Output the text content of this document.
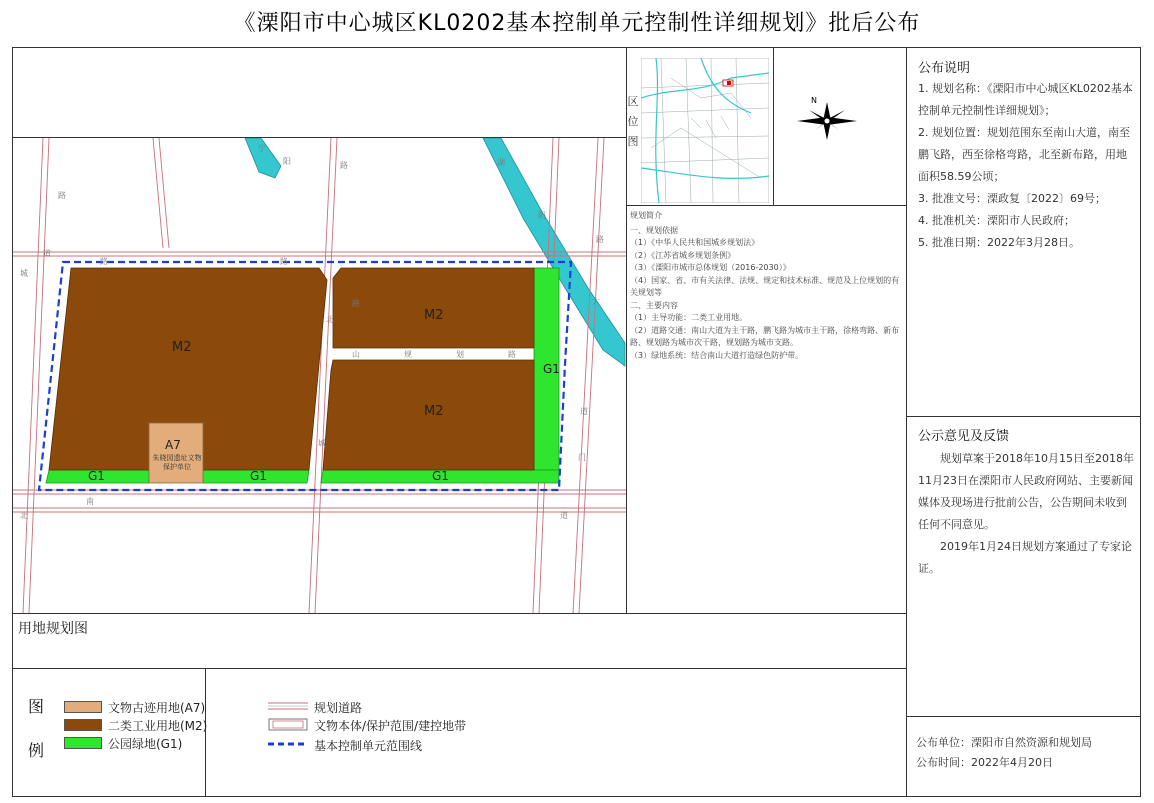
《溧阳市中心城区KL0202基本控制单元控制性详细规划》批后公布
M2
M2
M2
A7
朱晓园遗址文物保护单位
G1	G1	G1
G1
宁
阳	湖
阳
路
路
道
路	路
大
道
城
北	道
南
北
城
山	规	划	路
路
门
路
用地规划图
区
位
图
N
规划简介
一、规划依据
（1）《中华人民共和国城乡规划法》
（2）《江苏省城乡规划条例》
（3）《溧阳市城市总体规划（2016-2030）》
（4）国家、省、市有关法律、法规、规定和技术标准、规范及上位规划的有关规划等
二、主要内容
（1）主导功能：二类工业用地。
（2）道路交通：南山大道为主干路，鹏飞路为城市主干路，徐格弯路、新布路、规划路为城市次干路，规划路为城市支路。
（3）绿地系统：结合南山大道打造绿色防护带。
公布说明
1. 规划名称：《溧阳市中心城区KL0202基本控制单元控制性详细规划》；
2. 规划位置：规划范围东至南山大道，南至鹏飞路，西至徐格弯路，北至新布路，用地面积58.59公顷；
3. 批准文号：溧政复〔2022〕69号；
4. 批准机关：溧阳市人民政府；
5. 批准日期：2022年3月28日。
公示意见及反馈
规划草案于2018年10月15日至2018年11月23日在溧阳市人民政府网站、主要新闻媒体及现场进行批前公告，公告期间未收到任何不同意见。
2019年1月24日规划方案通过了专家论证。
公布单位：溧阳市自然资源和规划局
公布时间：2022年4月20日
图
例
文物古迹用地(A7)
二类工业用地(M2)
公园绿地(G1)
规划道路
文物本体/保护范围/建控地带
基本控制单元范围线
